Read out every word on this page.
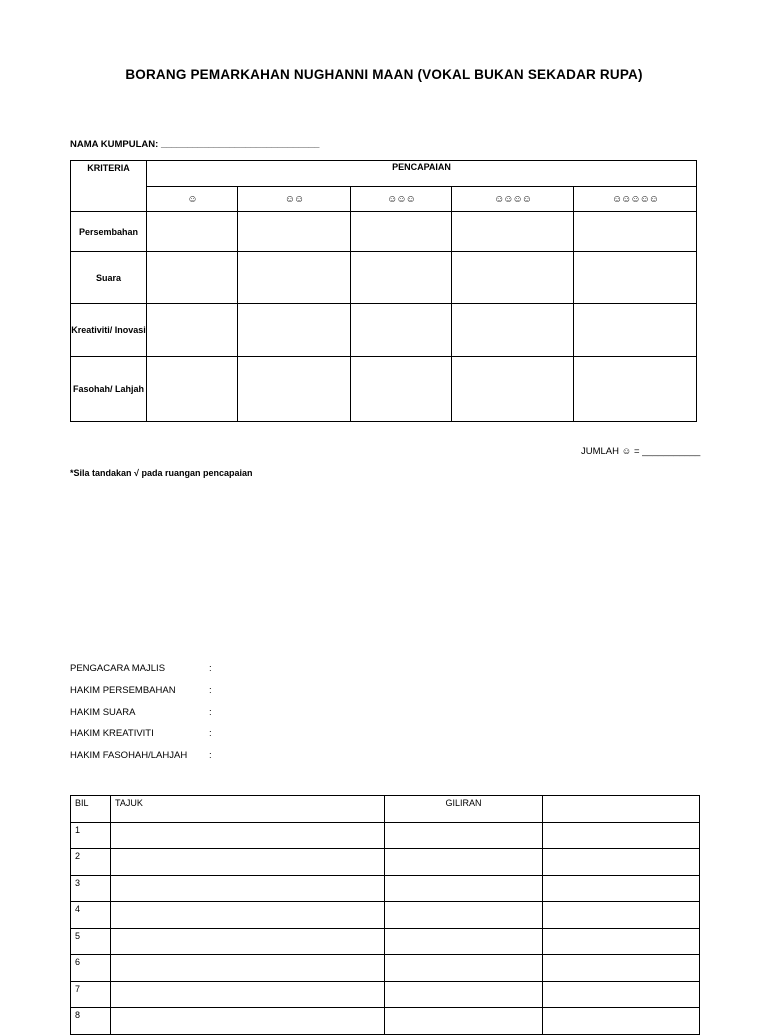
BORANG PEMARKAHAN NUGHANNI MAAN (VOKAL BUKAN SEKADAR RUPA)
NAMA KUMPULAN: ______________________________
KRITERIA	PENCAPAIAN				
	☺	☺☺	☺☺☺	☺☺☺☺	☺☺☺☺☺
Persembahan					
Suara					
Kreativiti/ Inovasi					
Fasohah/ Lahjah					
JUMLAH ☺ = ___________
*Sila tandakan √ pada ruangan pencapaian
PENGACARA MAJLIS	:
HAKIM PERSEMBAHAN	:
HAKIM SUARA	:
HAKIM KREATIVITI	:
HAKIM FASOHAH/LAHJAH :
BIL	TAJUK	GILIRAN	
1			
2			
3			
4			
5			
6			
7			
8			
